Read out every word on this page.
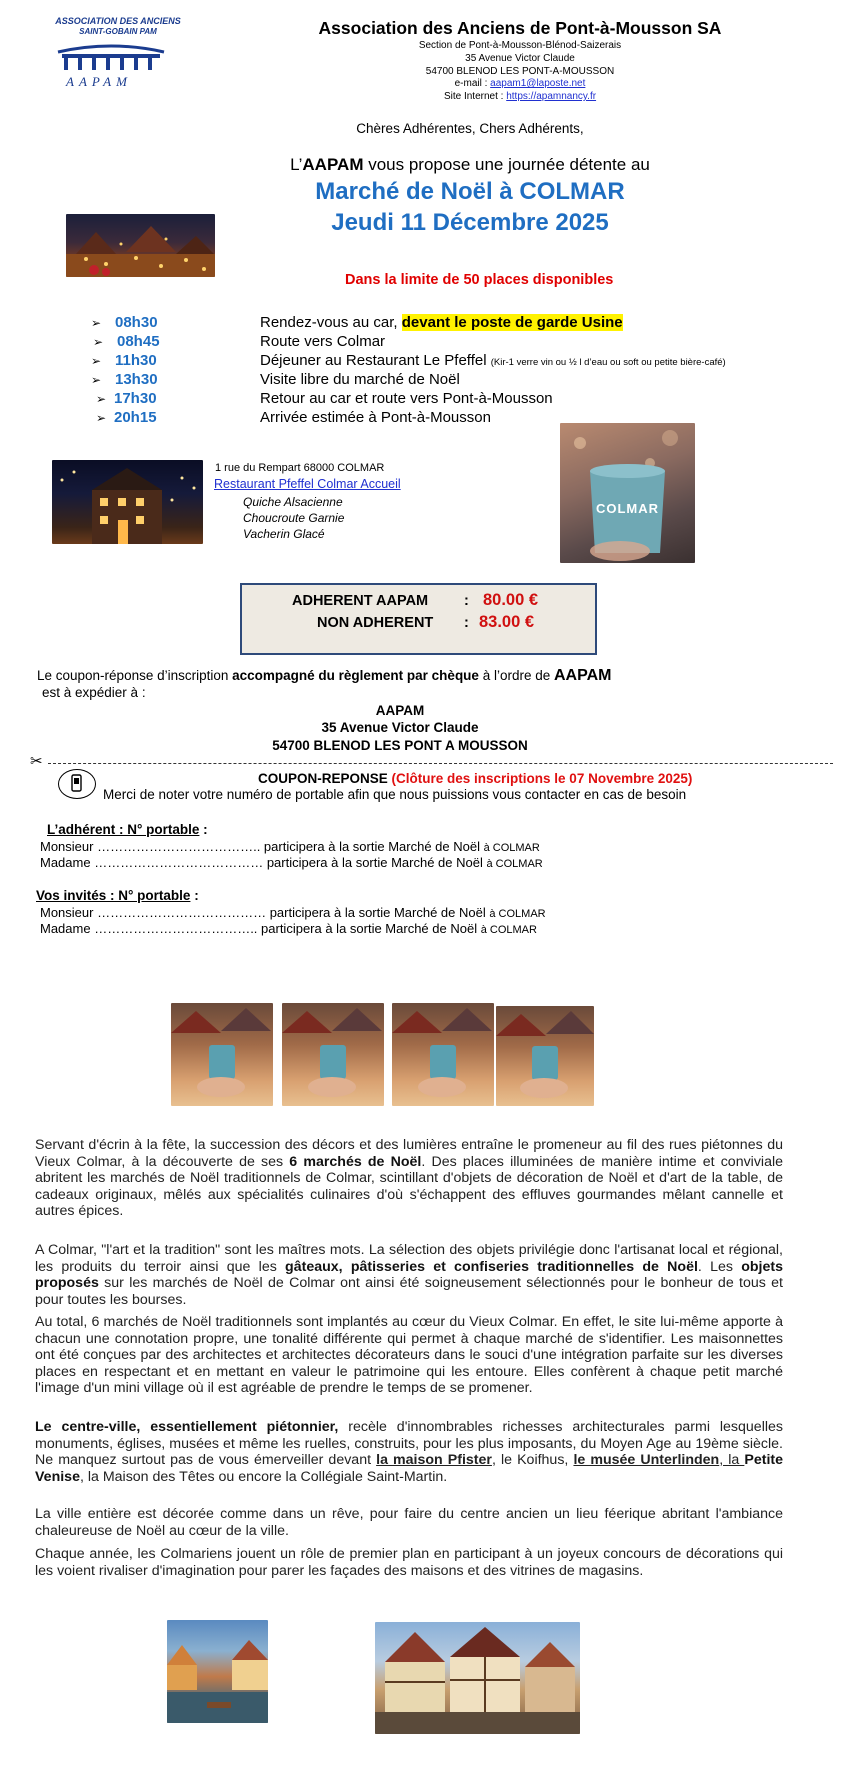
ASSOCIATION DES ANCIENS
SAINT-GOBAIN PAM
AAPAM
Association des Anciens de Pont-à-Mousson SA
Section de Pont-à-Mousson-Blénod-Saizerais
35 Avenue Victor Claude
54700 BLENOD LES PONT-A-MOUSSON
e-mail : aapam1@laposte.net
Site Internet : https://apamnancy.fr
Chères Adhérentes, Chers Adhérents,
L’AAPAM vous propose une journée détente au
Marché de Noël à COLMAR
Jeudi 11 Décembre 2025
Dans la limite de 50 places disponibles
➢ 08h30	Rendez-vous au car, devant le poste de garde Usine
➢ 08h45	Route vers Colmar
➢ 11h30	Déjeuner au Restaurant Le Pfeffel (Kir-1 verre vin ou ½ l d’eau ou soft ou petite bière-café)
➢ 13h30	Visite libre du marché de Noël
➢ 17h30	Retour au car et route vers Pont-à-Mousson
➢ 20h15	Arrivée estimée à Pont-à-Mousson
1 rue du Rempart 68000 COLMAR
Restaurant Pfeffel Colmar Accueil
Quiche Alsacienne
Choucroute Garnie
Vacherin Glacé
COLMAR
ADHERENT AAPAM : 80.00 €
NON ADHERENT : 83.00 €
Le coupon-réponse d’inscription accompagné du règlement par chèque à l’ordre de AAPAM
est à expédier à :
AAPAM
35 Avenue Victor Claude
54700 BLENOD LES PONT A MOUSSON
✂
COUPON-REPONSE (Clôture des inscriptions le 07 Novembre 2025)
Merci de noter votre numéro de portable afin que nous puissions vous contacter en cas de besoin
L’adhérent : N° portable :
Monsieur ……………………………….. participera à la sortie Marché de Noël à COLMAR
Madame ………………………………… participera à la sortie Marché de Noël à COLMAR
Vos invités : N° portable :
Monsieur ………………………………… participera à la sortie Marché de Noël à COLMAR
Madame ……………………………….. participera à la sortie Marché de Noël à COLMAR
Servant d'écrin à la fête, la succession des décors et des lumières entraîne le promeneur au fil des rues piétonnes du Vieux Colmar, à la découverte de ses 6 marchés de Noël. Des places illuminées de manière intime et conviviale abritent les marchés de Noël traditionnels de Colmar, scintillant d'objets de décoration de Noël et d'art de la table, de cadeaux originaux, mêlés aux spécialités culinaires d'où s'échappent des effluves gourmandes mêlant cannelle et autres épices.
A Colmar, "l'art et la tradition" sont les maîtres mots. La sélection des objets privilégie donc l'artisanat local et régional, les produits du terroir ainsi que les gâteaux, pâtisseries et confiseries traditionnelles de Noël. Les objets proposés sur les marchés de Noël de Colmar ont ainsi été soigneusement sélectionnés pour le bonheur de tous et pour toutes les bourses.
Au total, 6 marchés de Noël traditionnels sont implantés au cœur du Vieux Colmar. En effet, le site lui-même apporte à chacun une connotation propre, une tonalité différente qui permet à chaque marché de s'identifier. Les maisonnettes ont été conçues par des architectes et architectes décorateurs dans le souci d'une intégration parfaite sur les diverses places en respectant et en mettant en valeur le patrimoine qui les entoure. Elles confèrent à chaque petit marché l'image d'un mini village où il est agréable de prendre le temps de se promener.
Le centre-ville, essentiellement piétonnier, recèle d'innombrables richesses architecturales parmi lesquelles monuments, églises, musées et même les ruelles, construits, pour les plus imposants, du Moyen Age au 19ème siècle. Ne manquez surtout pas de vous émerveiller devant la maison Pfister, le Koifhus, le musée Unterlinden, la Petite Venise, la Maison des Têtes ou encore la Collégiale Saint-Martin.
La ville entière est décorée comme dans un rêve, pour faire du centre ancien un lieu féerique abritant l'ambiance chaleureuse de Noël au cœur de la ville.
Chaque année, les Colmariens jouent un rôle de premier plan en participant à un joyeux concours de décorations qui les voient rivaliser d'imagination pour parer les façades des maisons et des vitrines de magasins.
